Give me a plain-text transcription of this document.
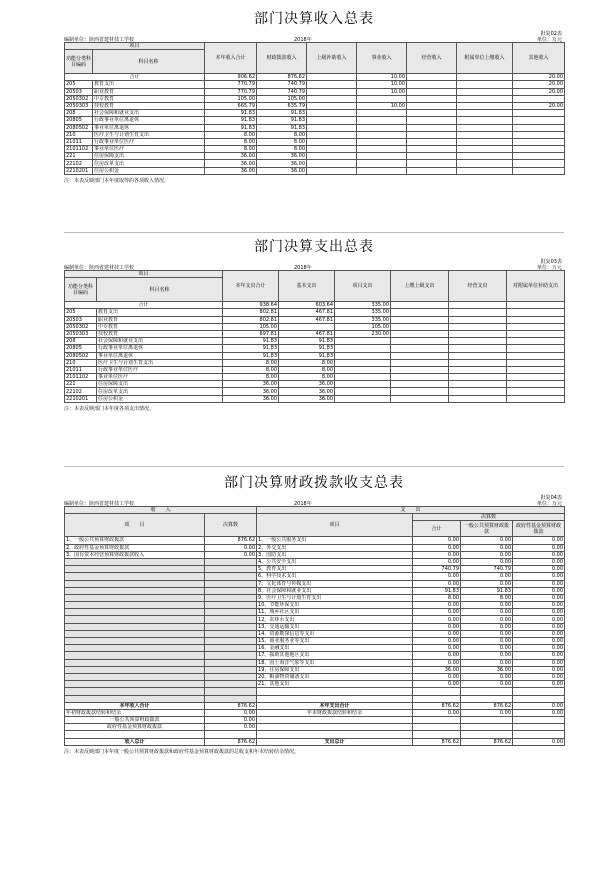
部门决算收入总表
批复02表
单位：万元
编制单位：陕西省建材技工学校	2018年
项目		本年收入合计	财政拨款收入	上级补助收入	事业收入	经营收入	附属单位上缴收入	其他收入
功能分类科目编码	科目名称							
合计		906.62	876.62		10.00			20.00
205	教育支出	770.79	740.79		10.00			20.00
20503	职业教育	770.79	740.79		10.00			20.00
2050302	中专教育	105.00	105.00					
2050303	技校教育	665.79	635.79		10.00			20.00
208	社会保障和就业支出	91.83	91.83					
20805	行政事业单位离退休	91.83	91.83					
2080502	事业单位离退休	91.83	91.83					
210	医疗卫生与计划生育支出	8.00	8.00					
21011	行政事业单位医疗	8.00	8.00					
2101102	事业单位医疗	8.00	8.00					
221	住房保障支出	36.00	36.00					
22102	住房改革支出	36.00	36.00					
2210201	住房公积金	36.00	36.00					
注：本表反映部门本年度取得的各项收入情况。
部门决算支出总表
批复03表
单位：万元
编制单位：陕西省建材技工学校	2018年
项目		本年支出合计	基本支出	项目支出	上缴上级支出	经营支出	对附属单位补助支出
功能分类科目编码	科目名称						
合计		938.64	603.64	335.00			
205	教育支出	802.81	467.81	335.00			
20503	职业教育	802.81	467.81	335.00			
2050302	中专教育	105.00		105.00			
2050303	技校教育	697.81	467.81	230.00			
208	社会保障和就业支出	91.83	91.83				
20805	行政事业单位离退休	91.83	91.83				
2080502	事业单位离退休	91.83	91.83				
210	医疗卫生与计划生育支出	8.00	8.00				
21011	行政事业单位医疗	8.00	8.00				
2101102	事业单位医疗	8.00	8.00				
221	住房保障支出	36.00	36.00				
22102	住房改革支出	36.00	36.00				
2210201	住房公积金	36.00	36.00				
注：本表反映部门本年度各项支出情况。
部门决算财政拨款收支总表
批复04表
单位：万元
编制单位：陕西省建材技工学校	2018年
收　　入		支　　出			
项　　目	决算数	项目	决算数		
			合计	一般公共预算财政拨款	政府性基金预算财政拨款
1、一般公共预算财政拨款	876.62	1、一般公共服务支出	0.00	0.00	0.00
2、政府性基金预算财政拨款	0.00	2、外交支出	0.00	0.00	0.00
3、国有资本经营预算财政拨款收入	0.00	3、国防支出	0.00	0.00	0.00
		4、公共安全支出	0.00	0.00	0.00
		5、教育支出	740.79	740.79	0.00
		6、科学技术支出	0.00	0.00	0.00
		7、文化体育与传媒支出	0.00	0.00	0.00
		8、社会保障和就业支出	91.83	91.83	0.00
		9、医疗卫生与计划生育支出	8.00	8.00	0.00
		10、节能环保支出	0.00	0.00	0.00
		11、城乡社区支出	0.00	0.00	0.00
		12、农林水支出	0.00	0.00	0.00
		13、交通运输支出	0.00	0.00	0.00
		14、资源勘探信息等支出	0.00	0.00	0.00
		15、商业服务业等支出	0.00	0.00	0.00
		16、金融支出	0.00	0.00	0.00
		17、援助其他地区支出	0.00	0.00	0.00
		18、国土海洋气象等支出	0.00	0.00	0.00
		19、住房保障支出	36.00	36.00	0.00
		20、粮油物资储备支出	0.00	0.00	0.00
		21、其他支出	0.00	0.00	0.00

本年收入合计	876.62	本年支出合计	876.62	876.62	0.00
年初财政拨款结转和结余	0.00	年末财政拨款结转和结余	0.00	0.00	0.00
一般公共预算财政拨款	0.00				
政府性基金预算财政拨款	0.00				

收入总计	876.62	支出总计	876.62	876.62	0.00
注：本表反映部门本年度一般公共预算财政拨款和政府性基金预算财政拨款的总收支和年末结转结余情况。
